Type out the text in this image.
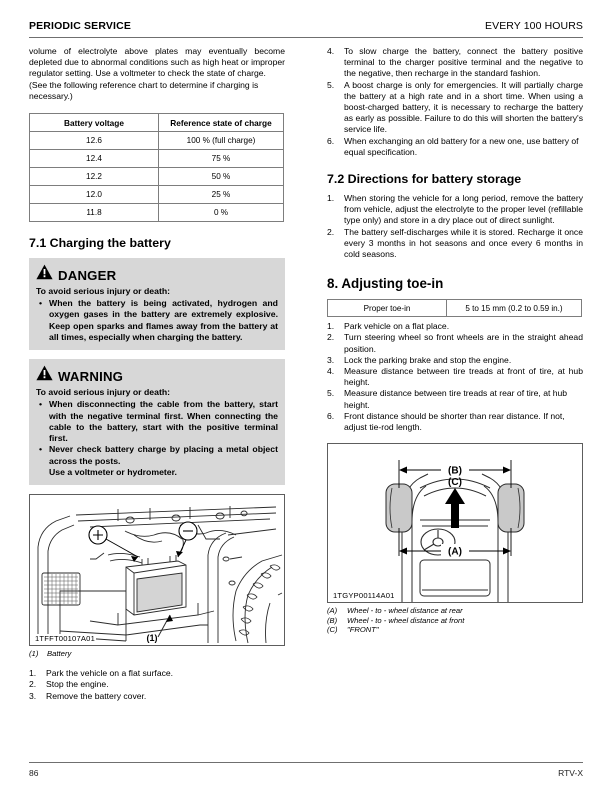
PERIODIC SERVICE	EVERY 100 HOURS

volume of electrolyte above plates may eventually become depleted due to abnormal conditions such as high heat or improper regulator setting. Use a voltmeter to check the state of charge.

(See the following reference chart to determine if charging is necessary.)

Battery voltage	Reference state of charge
12.6	100 % (full charge)
12.4	75 %
12.2	50 %
12.0	25 %
11.8	0 %
7.1 Charging the battery
DANGER
To avoid serious injury or death:
• When the battery is being activated, hydrogen and oxygen gases in the battery are extremely explosive. Keep open sparks and flames away from the battery at all times, especially when charging the battery.
WARNING
To avoid serious injury or death:
• When disconnecting the cable from the battery, start with the negative terminal first. When connecting the cable to the battery, start with the positive terminal first.
• Never check battery charge by placing a metal object across the posts.
Use a voltmeter or hydrometer.
(1)
1TFFT00107A01
(1) Battery
1.	Park the vehicle on a flat surface.
2.	Stop the engine.
3.	Remove the battery cover.
4.	To slow charge the battery, connect the battery positive terminal to the charger positive terminal and the negative to the negative, then recharge in the standard fashion.
5.	A boost charge is only for emergencies. It will partially charge the battery at a high rate and in a short time. When using a boost-charged battery, it is necessary to recharge the battery as early as possible. Failure to do this will shorten the battery's service life.
6.	When exchanging an old battery for a new one, use battery of equal specification.
7.2 Directions for battery storage
1.	When storing the vehicle for a long period, remove the battery from vehicle, adjust the electrolyte to the proper level (refillable type only) and store in a dry place out of direct sunlight.
2.	The battery self-discharges while it is stored. Recharge it once every 3 months in hot seasons and once every 6 months in cold seasons.
8. Adjusting toe-in
Proper toe-in	5 to 15 mm (0.2 to 0.59 in.)
1.	Park vehicle on a flat place.
2.	Turn steering wheel so front wheels are in the straight ahead position.
3.	Lock the parking brake and stop the engine.
4.	Measure distance between tire treads at front of tire, at hub height.
5.	Measure distance between tire treads at rear of tire, at hub height.
6.	Front distance should be shorter than rear distance. If not, adjust tie-rod length.
(B)
(A)
(C)
1TGYP00114A01
(A)	Wheel - to - wheel distance at rear
(B)	Wheel - to - wheel distance at front
(C)	"FRONT"
86	RTV-X
